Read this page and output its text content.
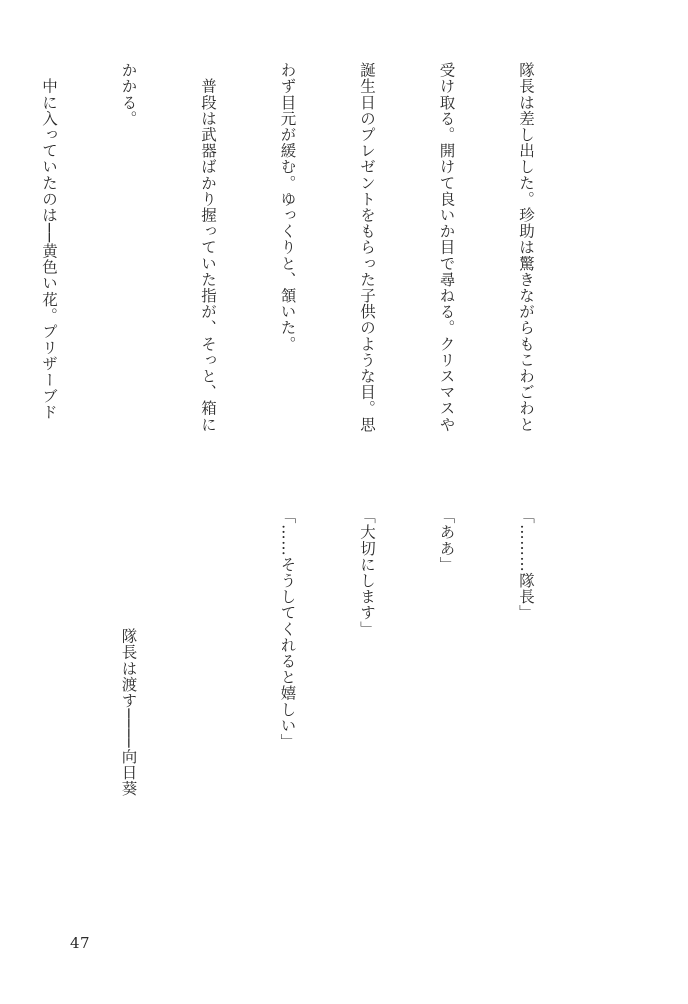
隊長は差し出した。珍助は驚きながらもこわごわと

受け取る。開けて良いか目で尋ねる。クリスマスや

誕生日のプレゼントをもらった子供のような目。思

わず目元が緩む。ゆっくりと、頷いた。

　普段は武器ばかり握っていた指が、そっと、箱に

かかる。

　中に入っていたのは──黄色い花。プリザーブド

「………隊長」

「ああ」

「大切にします」

「……そうしてくれると嬉しい」

隊長は渡す────向日葵

47
